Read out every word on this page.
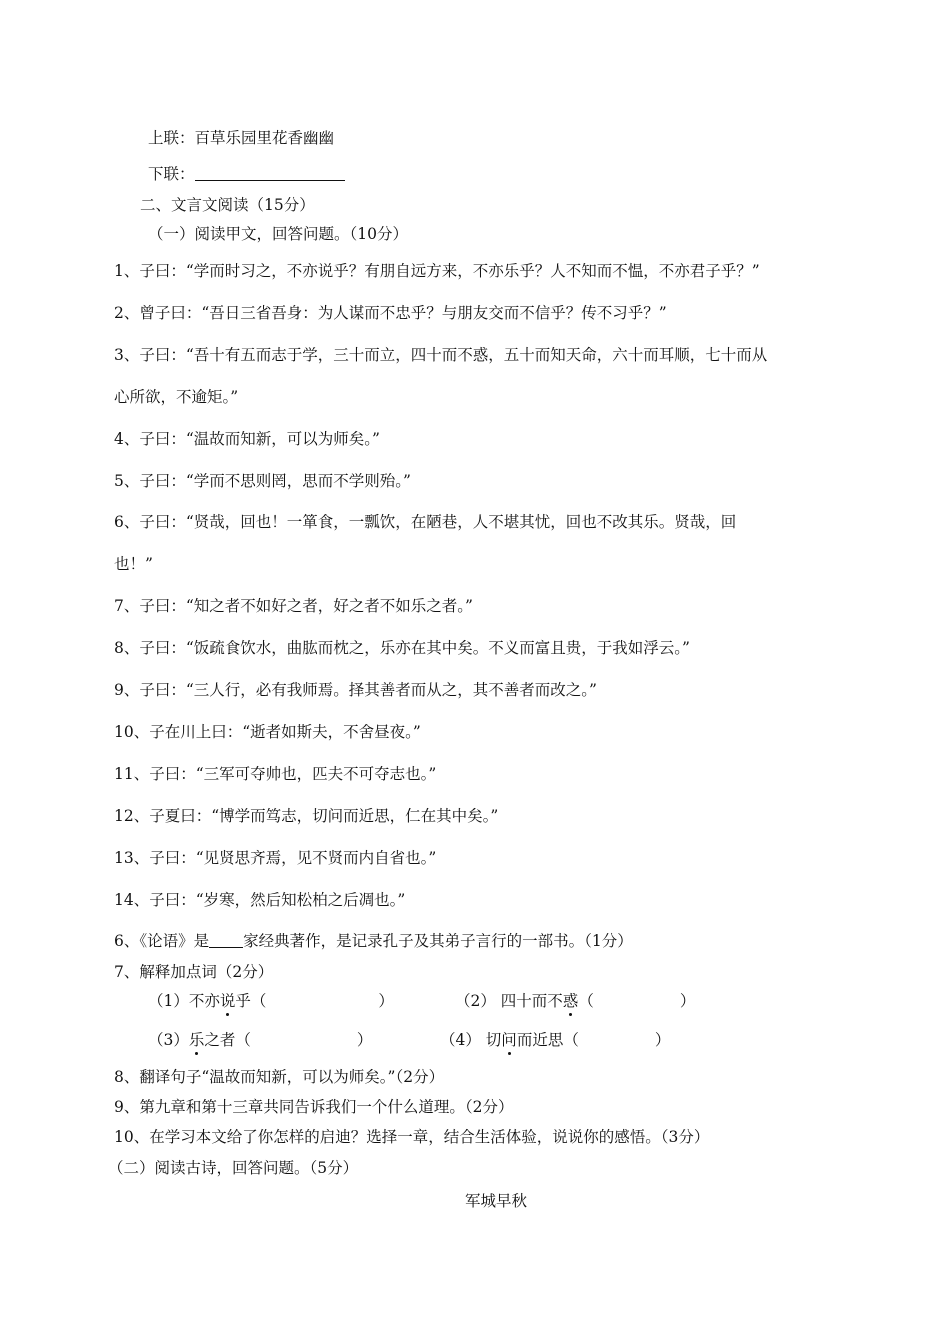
上联：百草乐园里花香幽幽
下联：
二、文言文阅读（15分）
（一）阅读甲文，回答问题。（10分）
1、子曰：“学而时习之，不亦说乎？有朋自远方来，不亦乐乎？人不知而不愠，不亦君子乎？”
2、曾子曰：“吾日三省吾身：为人谋而不忠乎？与朋友交而不信乎？传不习乎？”
3、子曰：“吾十有五而志于学，三十而立，四十而不惑，五十而知天命，六十而耳顺，七十而从
心所欲，不逾矩。”
4、子曰：“温故而知新，可以为师矣。”
5、子曰：“学而不思则罔，思而不学则殆。”
6、子曰：“贤哉，回也！一箪食，一瓢饮，在陋巷，人不堪其忧，回也不改其乐。贤哉，回
也！”
7、子曰：“知之者不如好之者，好之者不如乐之者。”
8、子曰：“饭疏食饮水，曲肱而枕之，乐亦在其中矣。不义而富且贵，于我如浮云。”
9、子曰：“三人行，必有我师焉。择其善者而从之，其不善者而改之。”
10、子在川上曰：“逝者如斯夫，不舍昼夜。”
11、子曰：“三军可夺帅也，匹夫不可夺志也。”
12、子夏曰：“博学而笃志，切问而近思，仁在其中矣。”
13、子曰：“见贤思齐焉，见不贤而内自省也。”
14、子曰：“岁寒，然后知松柏之后凋也。”
6、《论语》是 家经典著作，是记录孔子及其弟子言行的一部书。（1分）
7、解释加点词（2分）
（1）不亦说乎（	）	（2） 四十而不惑（	）
（3）乐之者（	）	（4） 切问而近思（	）
8、翻译句子“温故而知新，可以为师矣。”（2分）
9、第九章和第十三章共同告诉我们一个什么道理。（2分）
10、在学习本文给了你怎样的启迪？选择一章，结合生活体验，说说你的感悟。（3分）
（二）阅读古诗，回答问题。（5分）
军城早秋
